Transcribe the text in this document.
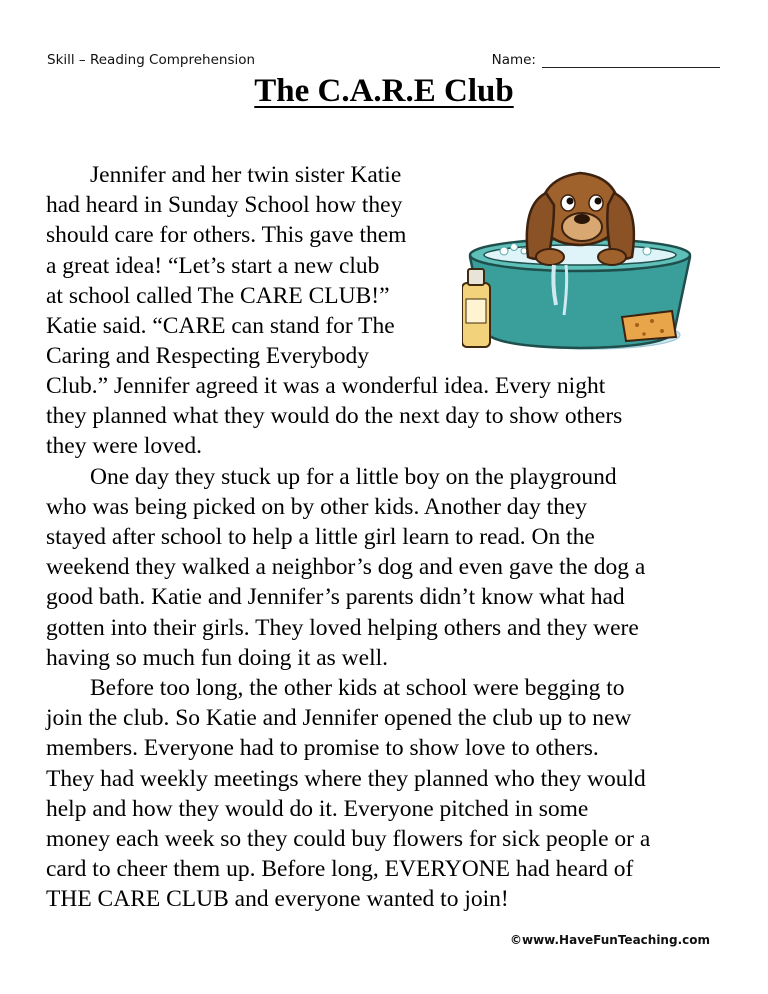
Skill – Reading Comprehension	Name:
The C.A.R.E Club
Jennifer and her twin sister Katie
had heard in Sunday School how they
should care for others. This gave them
a great idea! “Let’s start a new club
at school called The CARE CLUB!”
Katie said. “CARE can stand for The
Caring and Respecting Everybody
Club.” Jennifer agreed it was a wonderful idea. Every night
they planned what they would do the next day to show others
they were loved.
One day they stuck up for a little boy on the playground
who was being picked on by other kids. Another day they
stayed after school to help a little girl learn to read. On the
weekend they walked a neighbor’s dog and even gave the dog a
good bath. Katie and Jennifer’s parents didn’t know what had
gotten into their girls. They loved helping others and they were
having so much fun doing it as well.
Before too long, the other kids at school were begging to
join the club. So Katie and Jennifer opened the club up to new
members. Everyone had to promise to show love to others.
They had weekly meetings where they planned who they would
help and how they would do it. Everyone pitched in some
money each week so they could buy flowers for sick people or a
card to cheer them up. Before long, EVERYONE had heard of
THE CARE CLUB and everyone wanted to join!
©www.HaveFunTeaching.com
